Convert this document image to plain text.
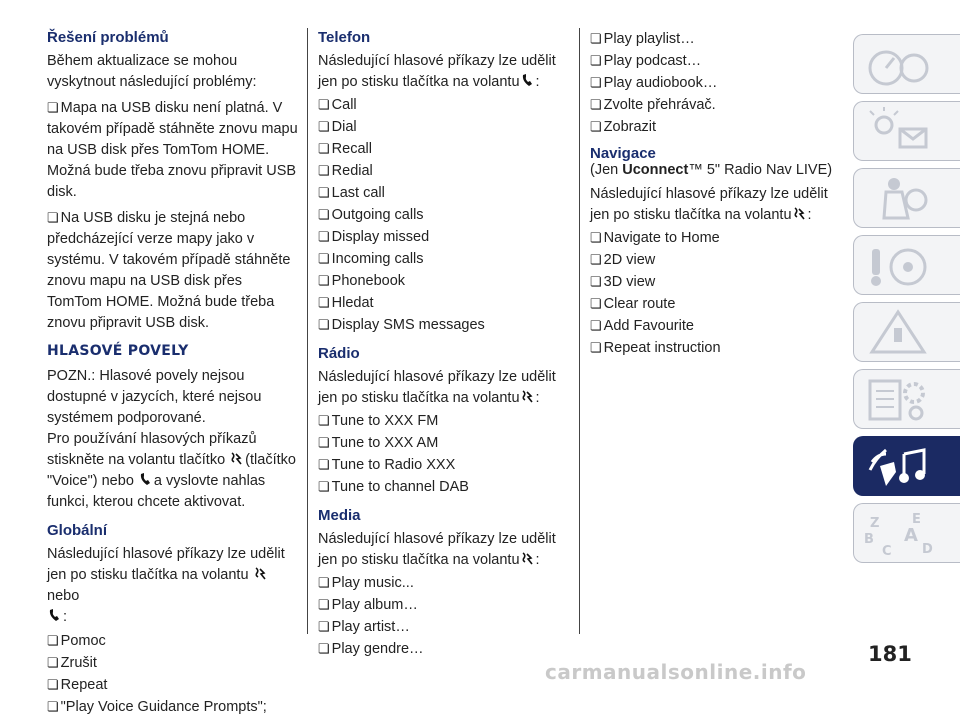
Řešení problémů
Během aktualizace se mohou vyskytnout následující problémy:
❏Mapa na USB disku není platná. V takovém případě stáhněte znovu mapu na USB disk přes TomTom HOME. Možná bude třeba znovu připravit USB disk.
❏Na USB disku je stejná nebo předcházející verze mapy jako v systému. V takovém případě stáhněte znovu mapu na USB disk přes TomTom HOME. Možná bude třeba znovu připravit USB disk.
HLASOVÉ POVELY
POZN.: Hlasové povely nejsou dostupné v jazycích, které nejsou systémem podporované.
Pro používání hlasových příkazů stiskněte na volantu tlačítko (tlačítko "Voice") nebo a vyslovte nahlas funkci, kterou chcete aktivovat.
Globální
Následující hlasové příkazy lze udělit jen po stisku tlačítka na volantu nebo
:
❏Pomoc
❏Zrušit
❏Repeat
❏"Play Voice Guidance Prompts";
Telefon
Následující hlasové příkazy lze udělit jen po stisku tlačítka na volantu :
❏Call
❏Dial
❏Recall
❏Redial
❏Last call
❏Outgoing calls
❏Display missed
❏Incoming calls
❏Phonebook
❏Hledat
❏Display SMS messages
Rádio
Následující hlasové příkazy lze udělit jen po stisku tlačítka na volantu :
❏Tune to XXX FM
❏Tune to XXX AM
❏Tune to Radio XXX
❏Tune to channel DAB
Media
Následující hlasové příkazy lze udělit jen po stisku tlačítka na volantu :
❏Play music...
❏Play album…
❏Play artist…
❏Play gendre…
❏Play playlist…
❏Play podcast…
❏Play audiobook…
❏Zvolte přehrávač.
❏Zobrazit
Navigace
(Jen Uconnect™ 5" Radio Nav LIVE)
Následující hlasové příkazy lze udělit jen po stisku tlačítka na volantu :
❏Navigate to Home
❏2D view
❏3D view
❏Clear route
❏Add Favourite
❏Repeat instruction
Z	E
B A
C D
181
carmanualsonline.info
